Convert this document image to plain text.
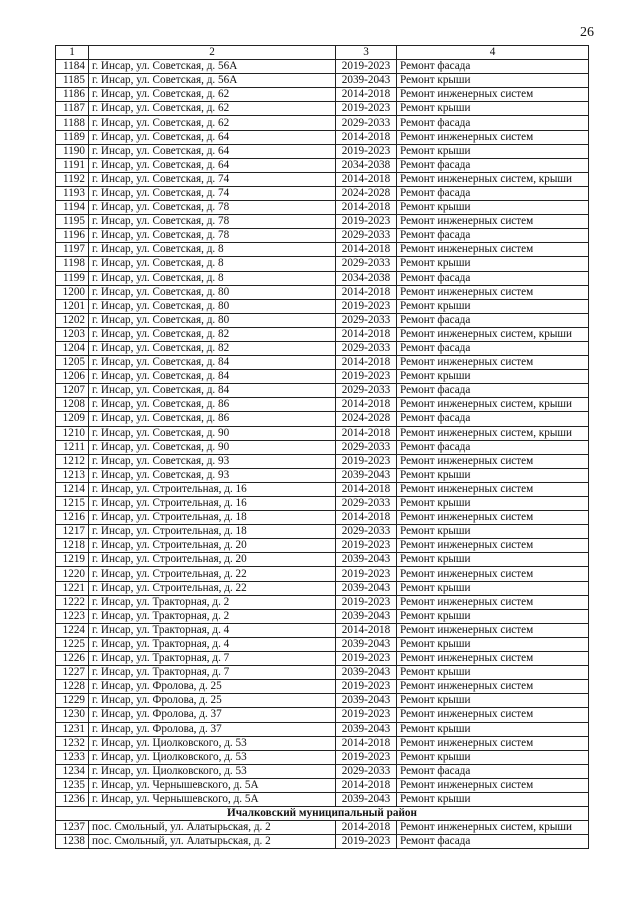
26
1	2	3	4
1184	г. Инсар, ул. Советская, д. 56А	2019-2023	Ремонт фасада
1185	г. Инсар, ул. Советская, д. 56А	2039-2043	Ремонт крыши
1186	г. Инсар, ул. Советская, д. 62	2014-2018	Ремонт инженерных систем
1187	г. Инсар, ул. Советская, д. 62	2019-2023	Ремонт крыши
1188	г. Инсар, ул. Советская, д. 62	2029-2033	Ремонт фасада
1189	г. Инсар, ул. Советская, д. 64	2014-2018	Ремонт инженерных систем
1190	г. Инсар, ул. Советская, д. 64	2019-2023	Ремонт крыши
1191	г. Инсар, ул. Советская, д. 64	2034-2038	Ремонт фасада
1192	г. Инсар, ул. Советская, д. 74	2014-2018	Ремонт инженерных систем, крыши
1193	г. Инсар, ул. Советская, д. 74	2024-2028	Ремонт фасада
1194	г. Инсар, ул. Советская, д. 78	2014-2018	Ремонт крыши
1195	г. Инсар, ул. Советская, д. 78	2019-2023	Ремонт инженерных систем
1196	г. Инсар, ул. Советская, д. 78	2029-2033	Ремонт фасада
1197	г. Инсар, ул. Советская, д. 8	2014-2018	Ремонт инженерных систем
1198	г. Инсар, ул. Советская, д. 8	2029-2033	Ремонт крыши
1199	г. Инсар, ул. Советская, д. 8	2034-2038	Ремонт фасада
1200	г. Инсар, ул. Советская, д. 80	2014-2018	Ремонт инженерных систем
1201	г. Инсар, ул. Советская, д. 80	2019-2023	Ремонт крыши
1202	г. Инсар, ул. Советская, д. 80	2029-2033	Ремонт фасада
1203	г. Инсар, ул. Советская, д. 82	2014-2018	Ремонт инженерных систем, крыши
1204	г. Инсар, ул. Советская, д. 82	2029-2033	Ремонт фасада
1205	г. Инсар, ул. Советская, д. 84	2014-2018	Ремонт инженерных систем
1206	г. Инсар, ул. Советская, д. 84	2019-2023	Ремонт крыши
1207	г. Инсар, ул. Советская, д. 84	2029-2033	Ремонт фасада
1208	г. Инсар, ул. Советская, д. 86	2014-2018	Ремонт инженерных систем, крыши
1209	г. Инсар, ул. Советская, д. 86	2024-2028	Ремонт фасада
1210	г. Инсар, ул. Советская, д. 90	2014-2018	Ремонт инженерных систем, крыши
1211	г. Инсар, ул. Советская, д. 90	2029-2033	Ремонт фасада
1212	г. Инсар, ул. Советская, д. 93	2019-2023	Ремонт инженерных систем
1213	г. Инсар, ул. Советская, д. 93	2039-2043	Ремонт крыши
1214	г. Инсар, ул. Строительная, д. 16	2014-2018	Ремонт инженерных систем
1215	г. Инсар, ул. Строительная, д. 16	2029-2033	Ремонт крыши
1216	г. Инсар, ул. Строительная, д. 18	2014-2018	Ремонт инженерных систем
1217	г. Инсар, ул. Строительная, д. 18	2029-2033	Ремонт крыши
1218	г. Инсар, ул. Строительная, д. 20	2019-2023	Ремонт инженерных систем
1219	г. Инсар, ул. Строительная, д. 20	2039-2043	Ремонт крыши
1220	г. Инсар, ул. Строительная, д. 22	2019-2023	Ремонт инженерных систем
1221	г. Инсар, ул. Строительная, д. 22	2039-2043	Ремонт крыши
1222	г. Инсар, ул. Тракторная, д. 2	2019-2023	Ремонт инженерных систем
1223	г. Инсар, ул. Тракторная, д. 2	2039-2043	Ремонт крыши
1224	г. Инсар, ул. Тракторная, д. 4	2014-2018	Ремонт инженерных систем
1225	г. Инсар, ул. Тракторная, д. 4	2039-2043	Ремонт крыши
1226	г. Инсар, ул. Тракторная, д. 7	2019-2023	Ремонт инженерных систем
1227	г. Инсар, ул. Тракторная, д. 7	2039-2043	Ремонт крыши
1228	г. Инсар, ул. Фролова, д. 25	2019-2023	Ремонт инженерных систем
1229	г. Инсар, ул. Фролова, д. 25	2039-2043	Ремонт крыши
1230	г. Инсар, ул. Фролова, д. 37	2019-2023	Ремонт инженерных систем
1231	г. Инсар, ул. Фролова, д. 37	2039-2043	Ремонт крыши
1232	г. Инсар, ул. Циолковского, д. 53	2014-2018	Ремонт инженерных систем
1233	г. Инсар, ул. Циолковского, д. 53	2019-2023	Ремонт крыши
1234	г. Инсар, ул. Циолковского, д. 53	2029-2033	Ремонт фасада
1235	г. Инсар, ул. Чернышевского, д. 5А	2014-2018	Ремонт инженерных систем
1236	г. Инсар, ул. Чернышевского, д. 5А	2039-2043	Ремонт крыши
Ичалковский муниципальный район			
1237	пос. Смольный, ул. Алатырьская, д. 2	2014-2018	Ремонт инженерных систем, крыши
1238	пос. Смольный, ул. Алатырьская, д. 2	2019-2023	Ремонт фасада
